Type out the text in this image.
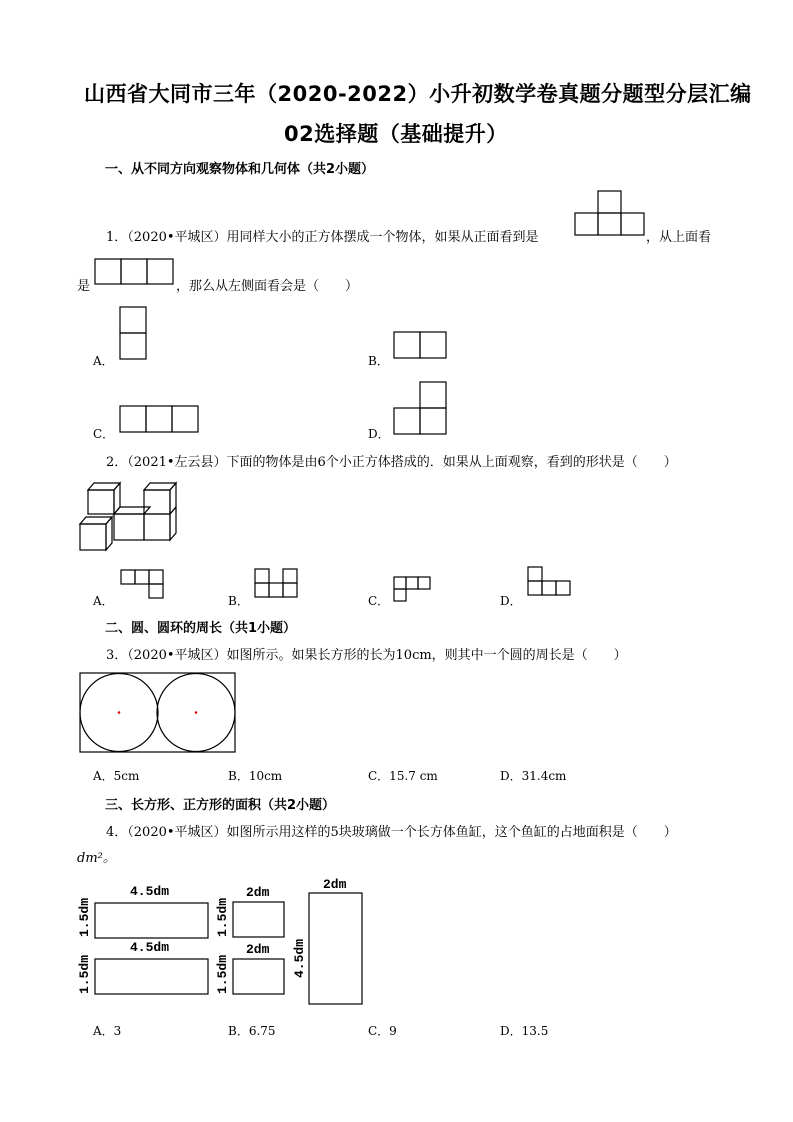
山西省大同市三年（2020-2022）小升初数学卷真题分题型分层汇编
02选择题（基础提升）
一、从不同方向观察物体和几何体（共2小题）
1．（2020•平城区）用同样大小的正方体摆成一个物体，如果从正面看到是	，从上面看
是	，那么从左侧面看会是（　　）
A．	B．
C．	D．
2．（2021•左云县）下面的物体是由6个小正方体搭成的．如果从上面观察，看到的形状是（　　）
A．	B．	C．	D．
二、圆、圆环的周长（共1小题）
3．（2020•平城区）如图所示。如果长方形的长为10cm，则其中一个圆的周长是（　　）
A．5cm	B．10cm	C．15.7 cm	D．31.4cm
三、长方形、正方形的面积（共2小题）
4．（2020•平城区）如图所示用这样的5块玻璃做一个长方体鱼缸，这个鱼缸的占地面积是（　　）
dm²。
4.5dm
1.5dm
4.5dm
1.5dm
2dm
1.5dm
2dm
1.5dm
2dm
4.5dm
A．3	B．6.75	C．9	D．13.5
